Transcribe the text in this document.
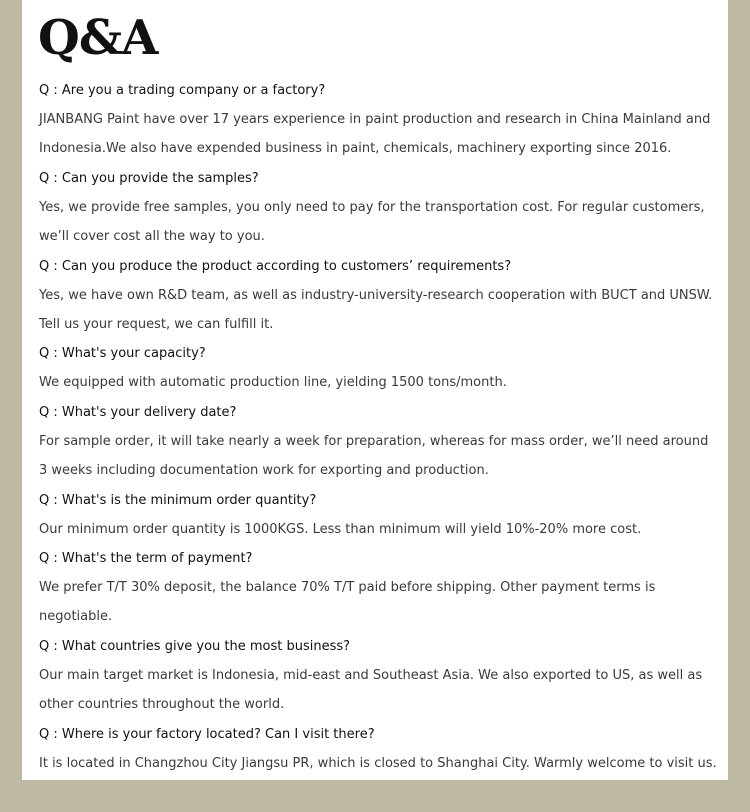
Q&A

Q : Are you a trading company or a factory?

JIANBANG Paint have over 17 years experience in paint production and research in China Mainland and
Indonesia.We also have expended business in paint, chemicals, machinery exporting since 2016.

Q : Can you provide the samples?

Yes, we provide free samples, you only need to pay for the transportation cost. For regular customers,
we’ll cover cost all the way to you.

Q : Can you produce the product according to customers’ requirements?

Yes, we have own R&D team, as well as industry-university-research cooperation with BUCT and UNSW.
Tell us your request, we can fulfill it.

Q : What's your capacity?

We equipped with automatic production line, yielding 1500 tons/month.

Q : What's your delivery date?

For sample order, it will take nearly a week for preparation, whereas for mass order, we’ll need around
3 weeks including documentation work for exporting and production.

Q : What's is the minimum order quantity?

Our minimum order quantity is 1000KGS. Less than minimum will yield 10%-20% more cost.

Q : What's the term of payment?

We prefer T/T 30% deposit, the balance 70% T/T paid before shipping. Other payment terms is
negotiable.

Q : What countries give you the most business?

Our main target market is Indonesia, mid-east and Southeast Asia. We also exported to US, as well as
other countries throughout the world.

Q : Where is your factory located? Can I visit there?

It is located in Changzhou City Jiangsu PR, which is closed to Shanghai City. Warmly welcome to visit us.
